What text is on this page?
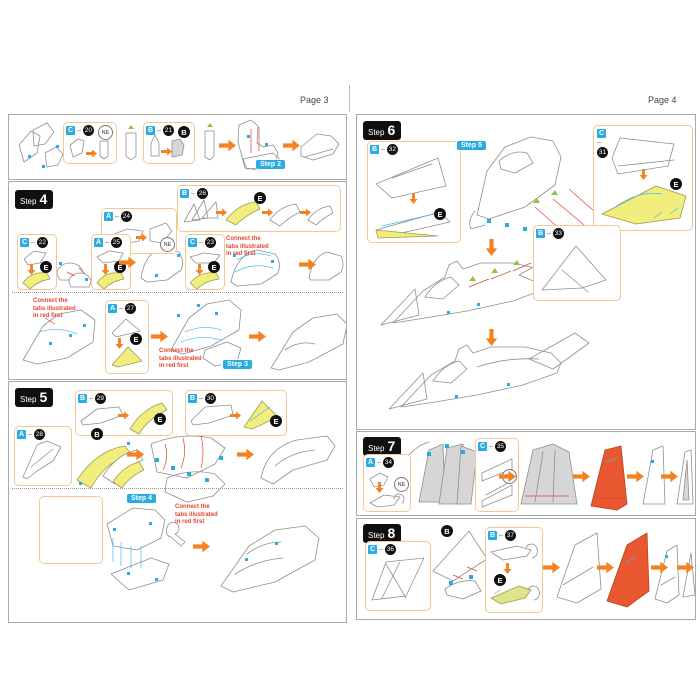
Page 3	Page 4
C – 20	NE	B – 21	B
Step 2
Step 4
A – 24
NE
B – 26	E
C – 22
E
A – 25
E
C – 23
E
Connect the tabs illustrated in red first
Connect the tabs illustrated in red first
A – 27
E
Connect the tabs illustrated in red first	Step 3
Step 5	B – 29
E
B – 30
E
A – 28	B
Step 4
Connect the tabs illustrated in red first
Step 6
B – 32
E
Step 5
C
–
31
E
B – 33
Step 7
A – 34
NE
C – 35
Step 8
C – 36
B	B – 37
E
